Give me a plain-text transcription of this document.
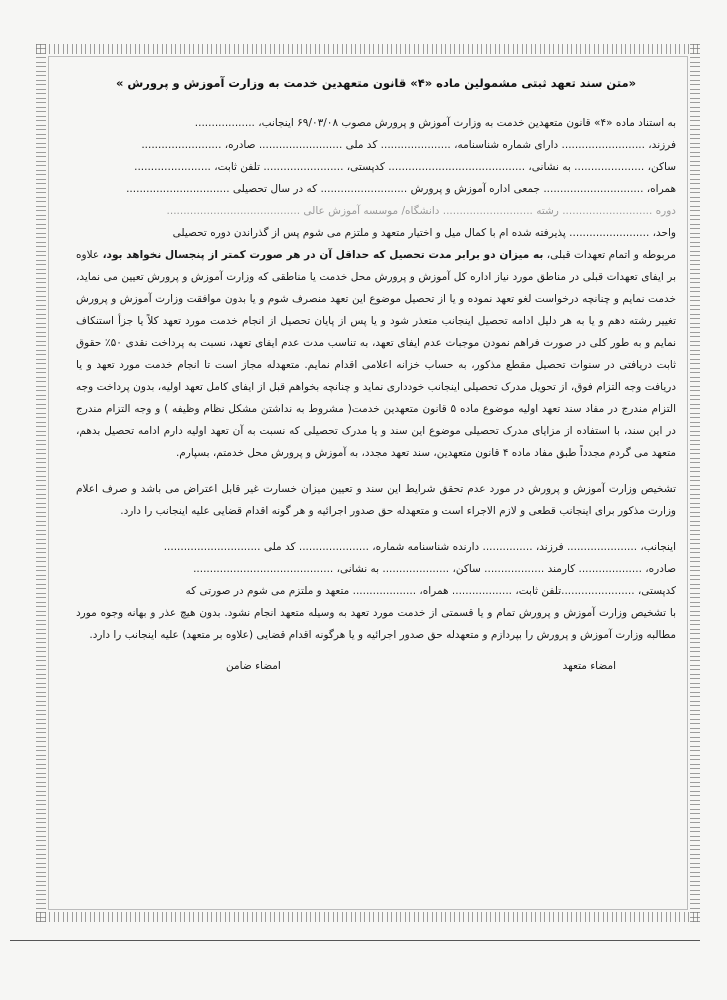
«متن سند تعهد ثبتی مشمولین ماده «۴» قانون متعهدین خدمت به وزارت آموزش و پرورش »
به استناد ماده «۴» قانون متعهدین خدمت به وزارت آموزش و پرورش مصوب ۶۹/۰۳/۰۸ اینجانب، ..................
فرزند، ......................... دارای شماره شناسنامه، ..................... کد ملی ......................... صادره، ........................
ساکن، ..................... به نشانی، ......................................... کدپستی، ........................ تلفن ثابت، .......................
همراه، .............................. جمعی اداره آموزش و پرورش .......................... که در سال تحصیلی ...............................
دوره ........................... رشته ........................... دانشگاه/ موسسه آموزش عالی ........................................
واحد، ........................ پذیرفته شده ام با کمال میل و اختیار متعهد و ملتزم می شوم پس از گذراندن دوره تحصیلی
مربوطه و اتمام تعهدات قبلی، به میزان دو برابر مدت تحصیل که حداقل آن در هر صورت کمتر از پنجسال نخواهد بود، علاوه بر ایفای تعهدات قبلی در مناطق مورد نیاز اداره کل آموزش و پرورش محل خدمت یا مناطقی که وزارت آموزش و پرورش تعیین می نماید، خدمت نمایم و چنانچه درخواست لغو تعهد نموده و یا از تحصیل موضوع این تعهد منصرف شوم و یا بدون موافقت وزارت آموزش و پرورش تغییر رشته دهم و یا به هر دلیل ادامه تحصیل اینجانب متعذر شود و یا پس از پایان تحصیل از انجام خدمت مورد تعهد کلاً یا جزأ استنکاف نمایم و به طور کلی در صورت فراهم نمودن موجبات عدم ایفای تعهد، به تناسب مدت عدم ایفای تعهد، نسبت به پرداخت نقدی ۵۰٪ حقوق ثابت دریافتی در سنوات تحصیل مقطع مذکور، به حساب خزانه اعلامی اقدام نمایم. متعهدله مجاز است تا انجام خدمت مورد تعهد و یا دریافت وجه التزام فوق، از تحویل مدرک تحصیلی اینجانب خودداری نماید و چنانچه بخواهم قبل از ایفای کامل تعهد اولیه، بدون پرداخت وجه التزام مندرج در مفاد سند تعهد اولیه موضوع ماده ۵ قانون متعهدین خدمت( مشروط به نداشتن مشکل نظام وظیفه ) و وجه التزام مندرج در این سند، با استفاده از مزایای مدرک تحصیلی موضوع این سند و یا مدرک تحصیلی که نسبت به آن تعهد اولیه دارم ادامه تحصیل بدهم، متعهد می گردم مجدداً طبق مفاد ماده ۴ قانون متعهدین، سند تعهد مجدد، به آموزش و پرورش محل خدمتم، بسپارم.
تشخیص وزارت آموزش و پرورش در مورد عدم تحقق شرایط این سند و تعیین میزان خسارت غیر قابل اعتراض می باشد و صرف اعلام وزارت مذکور برای اینجانب قطعی و لازم الاجراء است و متعهدله حق صدور اجرائیه و هر گونه اقدام قضایی علیه اینجانب را دارد.
اینجانب، ..................... فرزند، ............... دارنده شناسنامه شماره، ..................... کد ملی .............................
صادره، ................... کارمند .................. ساکن، .................... به نشانی، ..........................................
کدپستی، ......................تلفن ثابت، .................. همراه، ................... متعهد و ملتزم می شوم در صورتی که
با تشخیص وزارت آموزش و پرورش تمام و یا قسمتی از خدمت مورد تعهد به وسیله متعهد انجام نشود. بدون هیچ عذر و بهانه وجوه مورد مطالبه وزارت آموزش و پرورش را بپردازم و متعهدله حق صدور اجرائیه و یا هرگونه اقدام قضایی (علاوه بر متعهد) علیه اینجانب را دارد.
امضاء متعهد
امضاء ضامن
